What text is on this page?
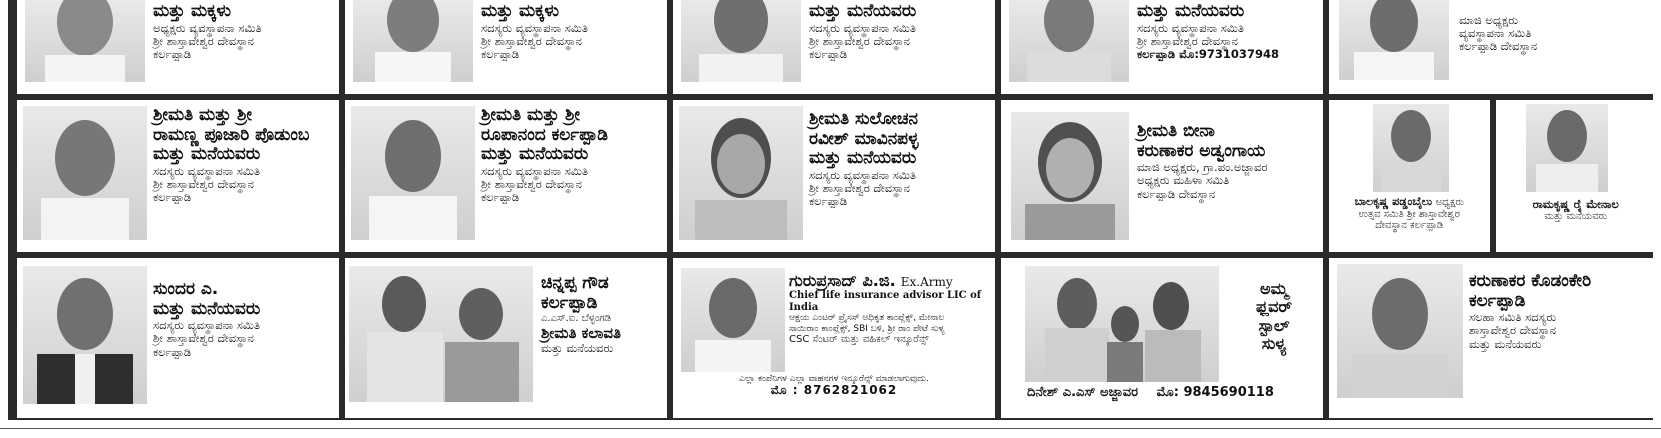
ಮತ್ತು ಮಕ್ಕಳು
ಅಧ್ಯಕ್ಷರು ವ್ಯವಸ್ಥಾಪನಾ ಸಮಿತಿ
ಶ್ರೀ ಶಾಸ್ತಾವೇಶ್ವರ ದೇವಸ್ಥಾನ
ಕರ್ಲಪ್ಪಾಡಿ
ಮತ್ತು ಮಕ್ಕಳು
ಸದಸ್ಯರು ವ್ಯವಸ್ಥಾಪನಾ ಸಮಿತಿ
ಶ್ರೀ ಶಾಸ್ತಾವೇಶ್ವರ ದೇವಸ್ಥಾನ
ಕರ್ಲಪ್ಪಾಡಿ
ಮತ್ತು ಮನೆಯವರು
ಸದಸ್ಯರು ವ್ಯವಸ್ಥಾಪನಾ ಸಮಿತಿ
ಶ್ರೀ ಶಾಸ್ತಾವೇಶ್ವರ ದೇವಸ್ಥಾನ
ಕರ್ಲಪ್ಪಾಡಿ
ಮತ್ತು ಮನೆಯವರು
ಸದಸ್ಯರು ವ್ಯವಸ್ಥಾಪನಾ ಸಮಿತಿ
ಶ್ರೀ ಶಾಸ್ತಾವೇಶ್ವರ ದೇವಸ್ಥಾನ
ಕರ್ಲಪ್ಪಾಡಿ ಮೊ:9731037948
ಮಾಜಿ ಅಧ್ಯಕ್ಷರು
ವ್ಯವಸ್ಥಾಪನಾ ಸಮಿತಿ
ಕರ್ಲಪ್ಪಾಡಿ ದೇವಸ್ಥಾನ
ಶ್ರೀಮತಿ ಮತ್ತು ಶ್ರೀ
ರಾಮಣ್ಣ ಪೂಜಾರಿ ಪೊಡುಂಬ
ಮತ್ತು ಮನೆಯವರು
ಸದಸ್ಯರು ವ್ಯವಸ್ಥಾಪನಾ ಸಮಿತಿ
ಶ್ರೀ ಶಾಸ್ತಾವೇಶ್ವರ ದೇವಸ್ಥಾನ
ಕರ್ಲಪ್ಪಾಡಿ
ಶ್ರೀಮತಿ ಮತ್ತು ಶ್ರೀ
ರೂಪಾನಂದ ಕರ್ಲಪ್ಪಾಡಿ
ಮತ್ತು ಮನೆಯವರು
ಸದಸ್ಯರು ವ್ಯವಸ್ಥಾಪನಾ ಸಮಿತಿ
ಶ್ರೀ ಶಾಸ್ತಾವೇಶ್ವರ ದೇವಸ್ಥಾನ
ಕರ್ಲಪ್ಪಾಡಿ
ಶ್ರೀಮತಿ ಸುಲೋಚನ
ರವೀಶ್ ಮಾವಿನಪಳ್ಳ
ಮತ್ತು ಮನೆಯವರು
ಸದಸ್ಯರು ವ್ಯವಸ್ಥಾಪನಾ ಸಮಿತಿ
ಶ್ರೀ ಶಾಸ್ತಾವೇಶ್ವರ ದೇವಸ್ಥಾನ
ಕರ್ಲಪ್ಪಾಡಿ
ಶ್ರೀಮತಿ ಬೀನಾ
ಕರುಣಾಕರ ಅಡ್ವಂಗಾಯ
ಮಾಜಿ ಅಧ್ಯಕ್ಷರು, ಗ್ರಾ.ಪಂ.ಅಜ್ಜಾವರ
ಅಧ್ಯಕ್ಷರು ಮಹಿಳಾ ಸಮಿತಿ
ಕರ್ಲಪ್ಪಾಡಿ ದೇವಸ್ಥಾನ
ಬಾಲಕೃಷ್ಣ ಪಡ್ಡಂಬೈಲು ಅಧ್ಯಕ್ಷರು
ಉತ್ಸವ ಸಮಿತಿ ಶ್ರೀ ಶಾಸ್ತಾವೇಶ್ವರ
ದೇವಸ್ಥಾನ ಕರ್ಲಪ್ಪಾಡಿ
ರಾಮಕೃಷ್ಣ ರೈ ಮೇನಾಲ
ಮತ್ತು ಮನೆಯವರು
ಸುಂದರ ಎ.
ಮತ್ತು ಮನೆಯವರು
ಸದಸ್ಯರು ವ್ಯವಸ್ಥಾಪನಾ ಸಮಿತಿ
ಶ್ರೀ ಶಾಸ್ತಾವೇಶ್ವರ ದೇವಸ್ಥಾನ
ಕರ್ಲಪ್ಪಾಡಿ
ಚಿನ್ನಪ್ಪ ಗೌಡ
ಕರ್ಲಪ್ಪಾಡಿ
ಎ.ಎಸ್.ಐ. ಬೆಳ್ಳಂಗಡಿ
ಶ್ರೀಮತಿ ಕಲಾವತಿ
ಮತ್ತು ಮನೆಯವರು
ಗುರುಪ್ರಸಾದ್ ಪಿ.ಜಿ. Ex.Army
Chief life insurance advisor LIC of India
ಆಕ್ಷಯ ಎಂಟರ್ ಪ್ರೈಸಸ್ ಅಧಿಕೃತ ಕಾಂಪ್ಲೆಕ್ಸ್, ಮೇನಾಲ
ಸಾಯಿರಾಂ ಕಾಂಪ್ಲೆಕ್ಸ್, SBI ಬಳಿ, ಶ್ರೀ ರಾಂ ಪೇಟೆ ಸುಳ್ಯ
CSC ಸೆಂಟರ್ ಮತ್ತು ವಹಿಕಲ್ ಇನ್ಶೂರೆನ್ಸ್
ಎಲ್ಲಾ ಕಂಪೆನಿಗಳ ಎಲ್ಲಾ ವಾಹನಗಳ ಇನ್ಶೂರೆನ್ಸ್ ಮಾಡಲಾಗುವುದು.
ಮೊ : 8762821062
ಅಮ್ಮ
ಫ್ಲವರ್
ಸ್ಟಾಲ್
ಸುಳ್ಯ
ದಿನೇಶ್ ಎ.ಎಸ್ ಅಜ್ಜಾವರ ಮೊ: 9845690118
ಕರುಣಾಕರ ಕೊಡಂಕೇರಿ
ಕರ್ಲಪ್ಪಾಡಿ
ಸಲಹಾ ಸಮಿತಿ ಸದಸ್ಯರು
ಶಾಸ್ತಾವೇಶ್ವರ ದೇವಸ್ಥಾನ
ಮತ್ತು ಮನೆಯವರು
